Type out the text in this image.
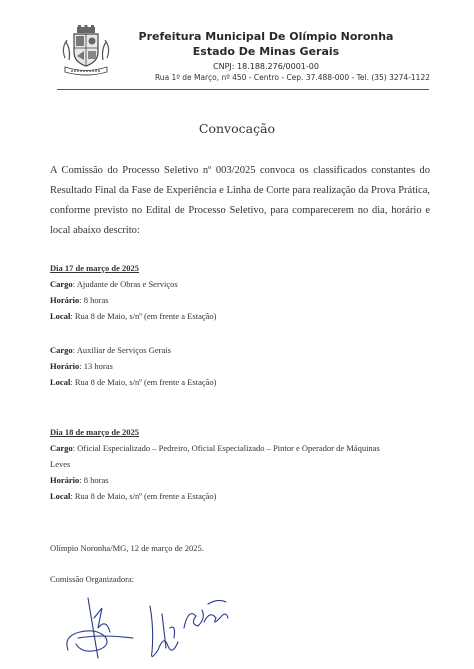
Prefeitura Municipal De Olímpio Noronha
Estado De Minas Gerais
CNPJ: 18.188.276/0001-00
Rua 1º de Março, nº 450 - Centro - Cep. 37.488-000 - Tel. (35) 3274-1122
Convocação
A Comissão do Processo Seletivo nº 003/2025 convoca os classificados constantes do Resultado Final da Fase de Experiência e Linha de Corte para realização da Prova Prática, conforme previsto no Edital de Processo Seletivo, para comparecerem no dia, horário e local abaixo descrito:
Dia 17 de março de 2025
Cargo: Ajudante de Obras e Serviços
Horário: 8 horas
Local: Rua 8 de Maio, s/nº (em frente a Estação)
Cargo: Auxiliar de Serviços Gerais
Horário: 13 horas
Local: Rua 8 de Maio, s/nº (em frente a Estação)
Dia 18 de março de 2025
Cargo: Oficial Especializado – Pedreiro, Oficial Especializado – Pintor e Operador de Máquinas
Leves
Horário: 8 horas
Local: Rua 8 de Maio, s/nº (em frente a Estação)
Olímpio Noronha/MG, 12 de março de 2025.
Comissão Organizadora:
